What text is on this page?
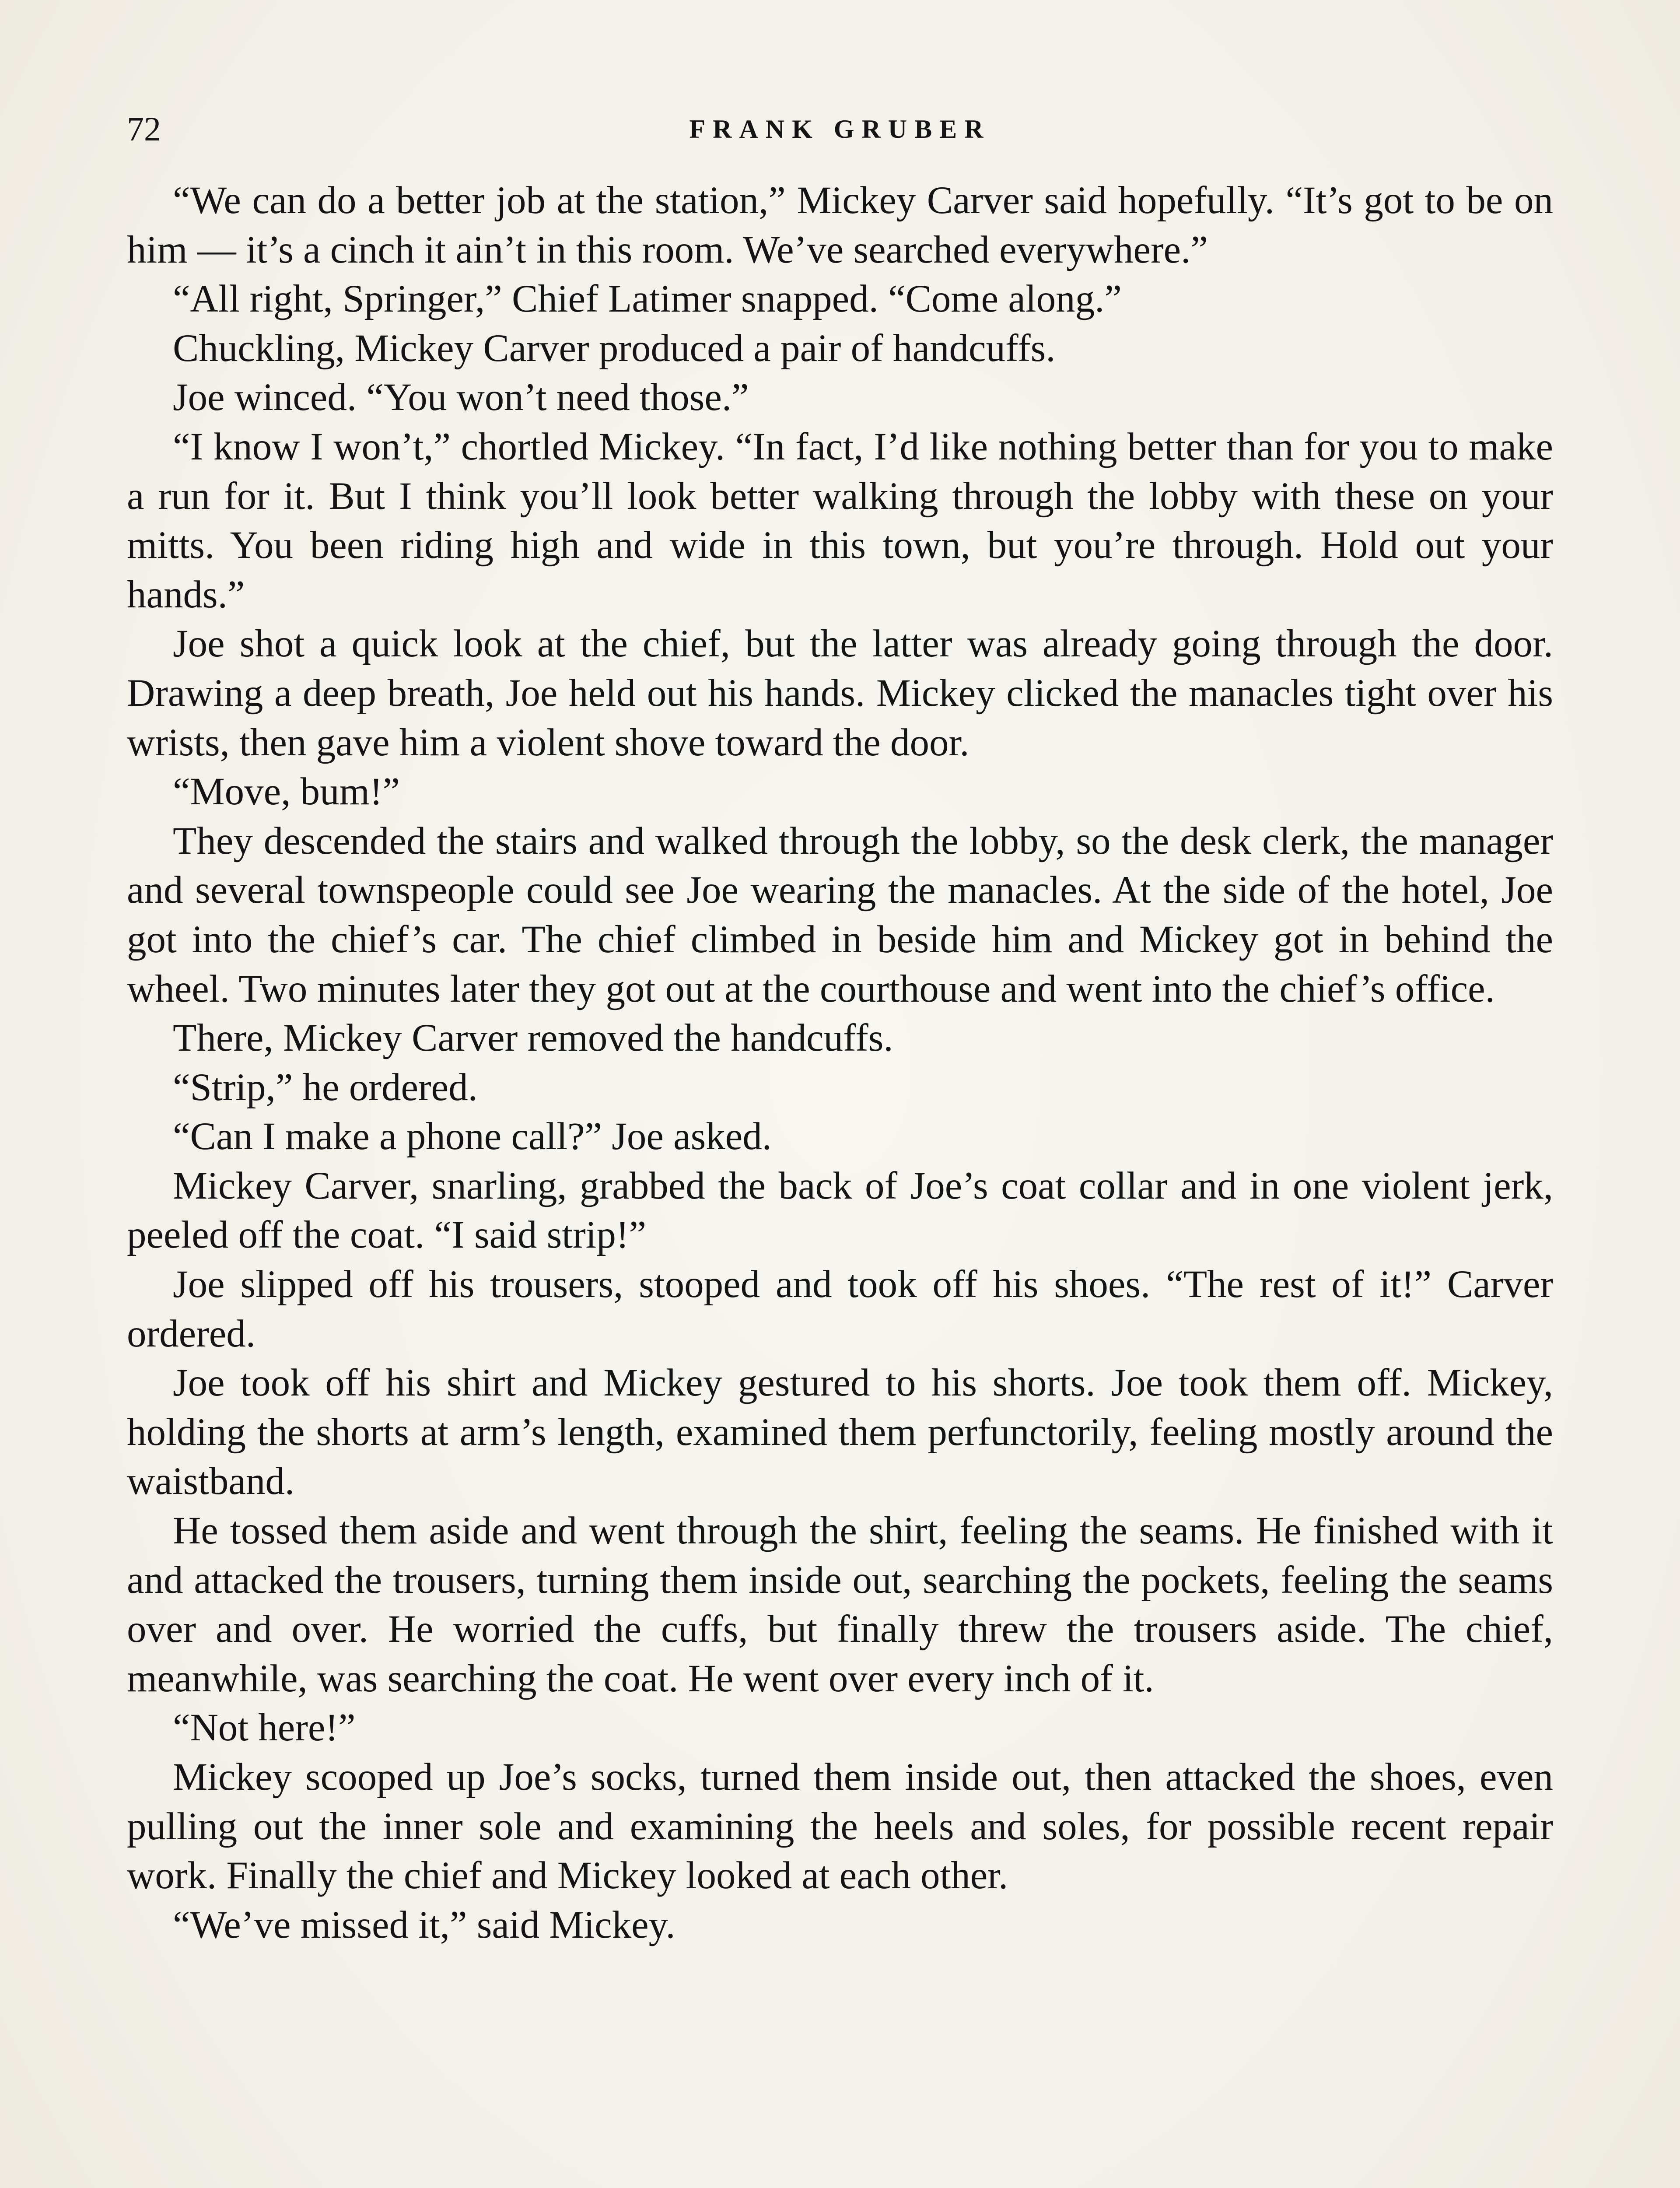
72	FRANK GRUBER

“We can do a better job at the station,” Mickey Carver said hopefully. “It’s got to be on him — it’s a cinch it ain’t in this room. We’ve searched everywhere.”

“All right, Springer,” Chief Latimer snapped. “Come along.”

Chuckling, Mickey Carver produced a pair of handcuffs.

Joe winced. “You won’t need those.”

“I know I won’t,” chortled Mickey. “In fact, I’d like nothing better than for you to make a run for it. But I think you’ll look better walking through the lobby with these on your mitts. You been riding high and wide in this town, but you’re through. Hold out your hands.”

Joe shot a quick look at the chief, but the latter was already going through the door. Drawing a deep breath, Joe held out his hands. Mickey clicked the manacles tight over his wrists, then gave him a violent shove toward the door.

“Move, bum!”

They descended the stairs and walked through the lobby, so the desk clerk, the manager and several townspeople could see Joe wearing the manacles. At the side of the hotel, Joe got into the chief’s car. The chief climbed in beside him and Mickey got in behind the wheel. Two minutes later they got out at the courthouse and went into the chief’s office.

There, Mickey Carver removed the handcuffs.

“Strip,” he ordered.

“Can I make a phone call?” Joe asked.

Mickey Carver, snarling, grabbed the back of Joe’s coat collar and in one violent jerk, peeled off the coat. “I said strip!”

Joe slipped off his trousers, stooped and took off his shoes. “The rest of it!” Carver ordered.

Joe took off his shirt and Mickey gestured to his shorts. Joe took them off. Mickey, holding the shorts at arm’s length, examined them perfunctorily, feeling mostly around the waistband.

He tossed them aside and went through the shirt, feeling the seams. He finished with it and attacked the trousers, turning them inside out, searching the pockets, feeling the seams over and over. He worried the cuffs, but finally threw the trousers aside. The chief, meanwhile, was searching the coat. He went over every inch of it.

“Not here!”

Mickey scooped up Joe’s socks, turned them inside out, then attacked the shoes, even pulling out the inner sole and examining the heels and soles, for possible recent repair work. Finally the chief and Mickey looked at each other.

“We’ve missed it,” said Mickey.
